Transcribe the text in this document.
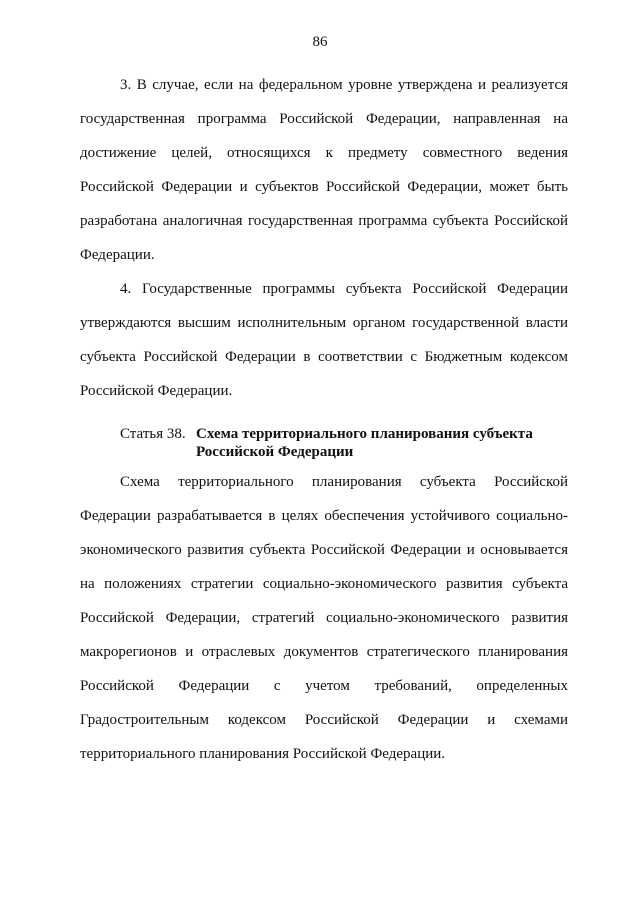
86

3. В случае, если на федеральном уровне утверждена и реализуется государственная программа Российской Федерации, направленная на достижение целей, относящихся к предмету совместного ведения Российской Федерации и субъектов Российской Федерации, может быть разработана аналогичная государственная программа субъекта Российской Федерации.

4. Государственные программы субъекта Российской Федерации утверждаются высшим исполнительным органом государственной власти субъекта Российской Федерации в соответствии с Бюджетным кодексом Российской Федерации.

Статья 38. Схема территориального планирования субъекта Российской Федерации

Схема территориального планирования субъекта Российской Федерации разрабатывается в целях обеспечения устойчивого социально-экономического развития субъекта Российской Федерации и основывается на положениях стратегии социально-экономического развития субъекта Российской Федерации, стратегий социально-экономического развития макрорегионов и отраслевых документов стратегического планирования Российской Федерации с учетом требований, определенных Градостроительным кодексом Российской Федерации и схемами территориального планирования Российской Федерации.
